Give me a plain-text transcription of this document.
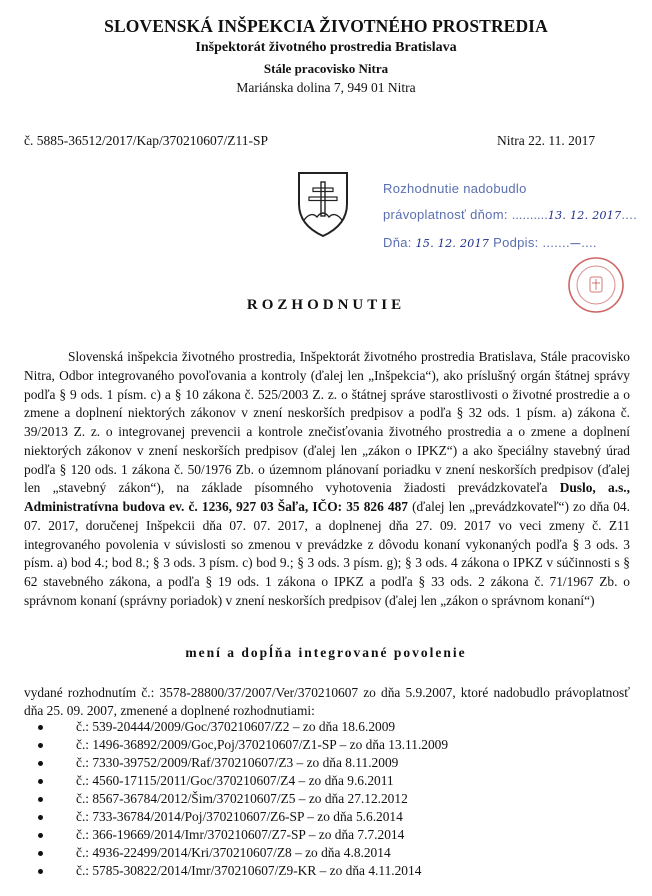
SLOVENSKÁ INŠPEKCIA ŽIVOTNÉHO PROSTREDIA
Inšpektorát životného prostredia Bratislava
Stále pracovisko Nitra
Mariánska dolina 7, 949 01 Nitra
č. 5885-36512/2017/Kap/370210607/Z11-SP	Nitra 22. 11. 2017
Rozhodnutie nadobudlo
právoplatnosť dňom: ..........13. 12. 2017....
Dňa: 15. 12. 2017 Podpis: .......—....
ROZHODNUTIE
Slovenská inšpekcia životného prostredia, Inšpektorát životného prostredia Bratislava, Stále pracovisko Nitra, Odbor integrovaného povoľovania a kontroly (ďalej len „Inšpekcia“), ako príslušný orgán štátnej správy podľa § 9 ods. 1 písm. c) a § 10 zákona č. 525/2003 Z. z. o štátnej správe starostlivosti o životné prostredie a o zmene a doplnení niektorých zákonov v znení neskorších predpisov a podľa § 32 ods. 1 písm. a) zákona č. 39/2013 Z. z. o integrovanej prevencii a kontrole znečisťovania životného prostredia a o zmene a doplnení niektorých zákonov v znení neskorších predpisov (ďalej len „zákon o IPKZ“) a ako špeciálny stavebný úrad podľa § 120 ods. 1 zákona č. 50/1976 Zb. o územnom plánovaní poriadku v znení neskorších predpisov (ďalej len „stavebný zákon“), na základe písomného vyhotovenia žiadosti prevádzkovateľa Duslo, a.s., Administratívna budova ev. č. 1236, 927 03 Šaľa, IČO: 35 826 487 (ďalej len „prevádzkovateľ“) zo dňa 04. 07. 2017, doručenej Inšpekcii dňa 07. 07. 2017, a doplnenej dňa 27. 09. 2017 vo veci zmeny č. Z11 integrovaného povolenia v súvislosti so zmenou v prevádzke z dôvodu konaní vykonaných podľa § 3 ods. 3 písm. a) bod 4.; bod 8.; § 3 ods. 3 písm. c) bod 9.; § 3 ods. 3 písm. g); § 3 ods. 4 zákona o IPKZ v súčinnosti s § 62 stavebného zákona, a podľa § 19 ods. 1 zákona o IPKZ a podľa § 33 ods. 2 zákona č. 71/1967 Zb. o správnom konaní (správny poriadok) v znení neskorších predpisov (ďalej len „zákon o správnom konaní“)
mení a dopĺňa integrované povolenie
vydané rozhodnutím č.: 3578-28800/37/2007/Ver/370210607 zo dňa 5.9.2007, ktoré nadobudlo právoplatnosť dňa 25. 09. 2007, zmenené a doplnené rozhodnutiami:
č.: 539-20444/2009/Goc/370210607/Z2 – zo dňa 18.6.2009
č.: 1496-36892/2009/Goc,Poj/370210607/Z1-SP – zo dňa 13.11.2009
č.: 7330-39752/2009/Raf/370210607/Z3 – zo dňa 8.11.2009
č.: 4560-17115/2011/Goc/370210607/Z4 – zo dňa 9.6.2011
č.: 8567-36784/2012/Šim/370210607/Z5 – zo dňa 27.12.2012
č.: 733-36784/2014/Poj/370210607/Z6-SP – zo dňa 5.6.2014
č.: 366-19669/2014/Imr/370210607/Z7-SP – zo dňa 7.7.2014
č.: 4936-22499/2014/Kri/370210607/Z8 – zo dňa 4.8.2014
č.: 5785-30822/2014/Imr/370210607/Z9-KR – zo dňa 4.11.2014
